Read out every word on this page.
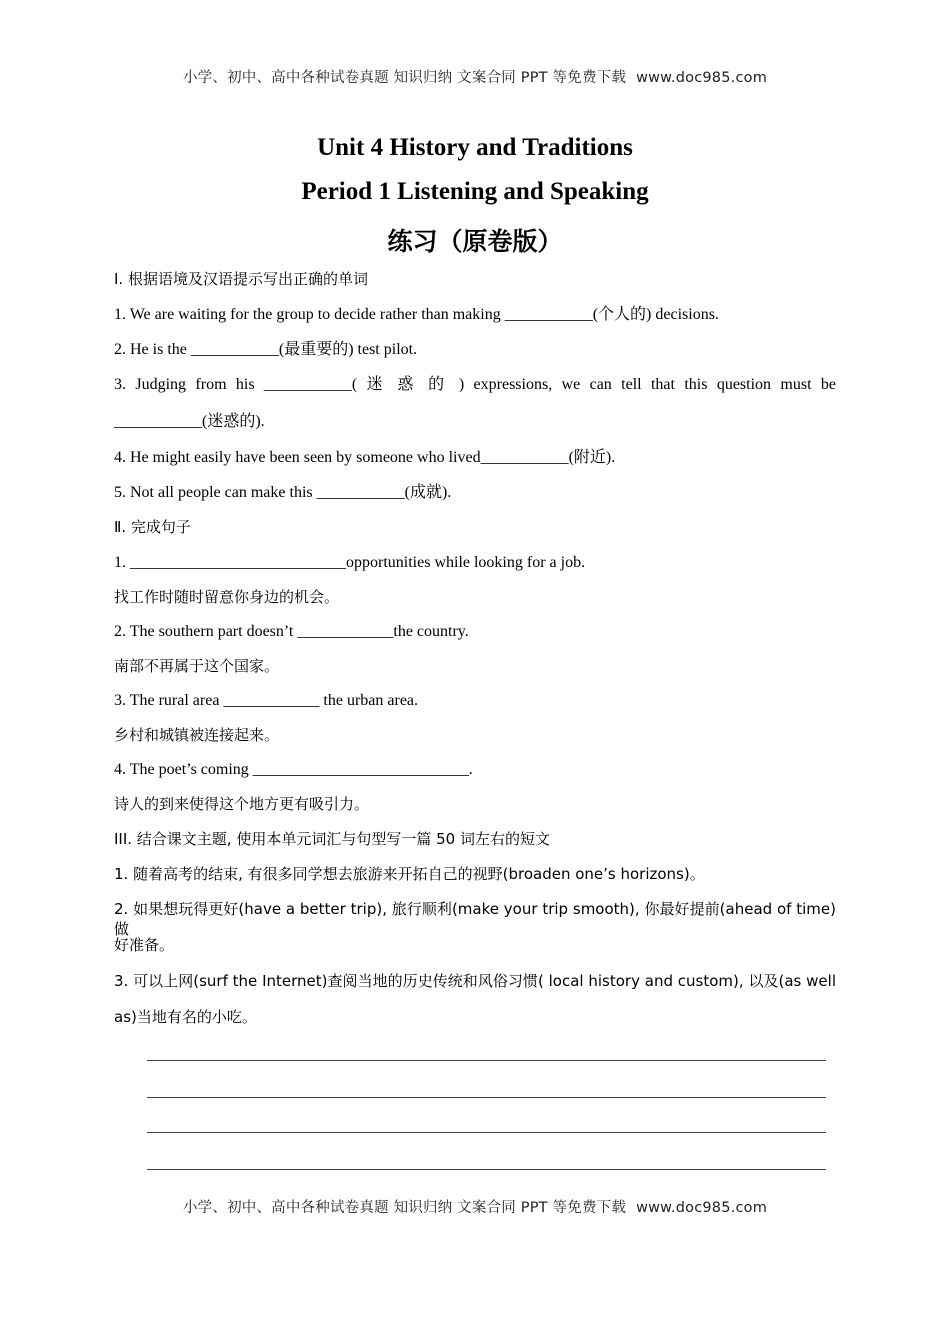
小学、初中、高中各种试卷真题 知识归纳 文案合同 PPT 等免费下载 www.doc985.com
Unit 4 History and Traditions
Period 1 Listening and Speaking
练习（原卷版）
Ⅰ. 根据语境及汉语提示写出正确的单词
1. We are waiting for the group to decide rather than making ___________(个人的) decisions.
2. He is the ___________(最重要的) test pilot.
3. Judging from his ___________( 迷 惑 的 ) expressions, we can tell that this question must be
___________(迷惑的).
4. He might easily have been seen by someone who lived___________(附近).
5. Not all people can make this ___________(成就).
Ⅱ. 完成句子
1. ___________________________opportunities while looking for a job.
找工作时随时留意你身边的机会。
2. The southern part doesn’t ____________the country.
南部不再属于这个国家。
3. The rural area ____________ the urban area.
乡村和城镇被连接起来。
4. The poet’s coming ___________________________.
诗人的到来使得这个地方更有吸引力。
III. 结合课文主题, 使用本单元词汇与句型写一篇 50 词左右的短文
1. 随着高考的结束, 有很多同学想去旅游来开拓自己的视野(broaden one’s horizons)。
2. 如果想玩得更好(have a better trip), 旅行顺利(make your trip smooth), 你最好提前(ahead of time)做
好准备。
3. 可以上网(surf the Internet)查阅当地的历史传统和风俗习惯( local history and custom), 以及(as well
as)当地有名的小吃。
小学、初中、高中各种试卷真题 知识归纳 文案合同 PPT 等免费下载 www.doc985.com
